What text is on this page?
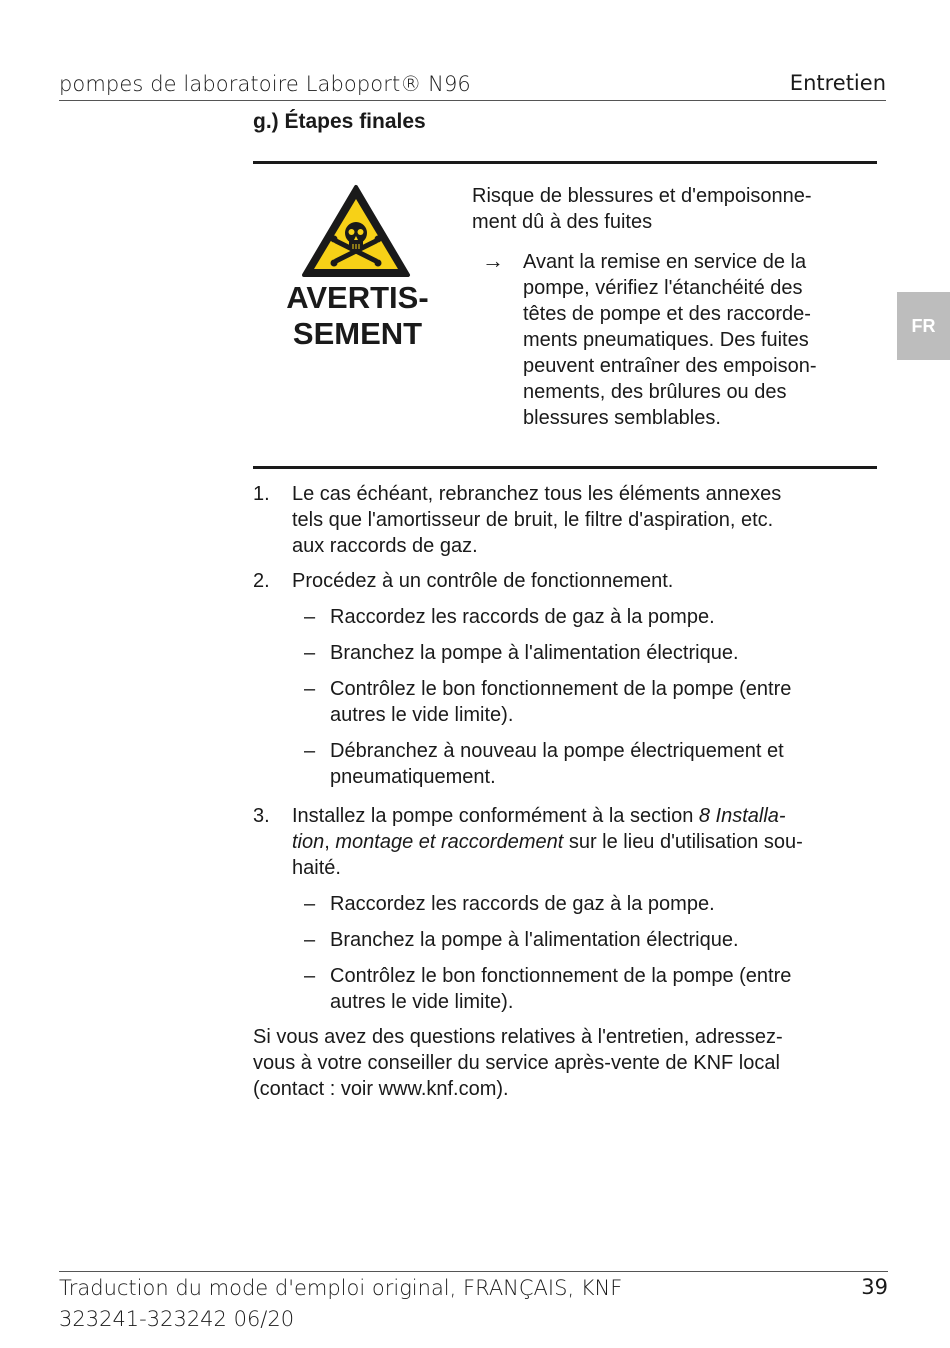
pompes de laboratoire Laboport® N96	Entretien
FR
g.) Étapes finales
AVERTIS-
SEMENT
Risque de blessures et d'empoisonne-
ment dû à des fuites
→ Avant la remise en service de la
pompe, vérifiez l'étanchéité des
têtes de pompe et des raccorde-
ments pneumatiques. Des fuites
peuvent entraîner des empoison-
nements, des brûlures ou des
blessures semblables.
1. Le cas échéant, rebranchez tous les éléments annexes
tels que l'amortisseur de bruit, le filtre d'aspiration, etc.
aux raccords de gaz.
2. Procédez à un contrôle de fonctionnement.
– Raccordez les raccords de gaz à la pompe.
– Branchez la pompe à l'alimentation électrique.
– Contrôlez le bon fonctionnement de la pompe (entre
autres le vide limite).
– Débranchez à nouveau la pompe électriquement et
pneumatiquement.
3. Installez la pompe conformément à la section 8 Installa-
tion, montage et raccordement sur le lieu d'utilisation sou-
haité.
– Raccordez les raccords de gaz à la pompe.
– Branchez la pompe à l'alimentation électrique.
– Contrôlez le bon fonctionnement de la pompe (entre
autres le vide limite).
Si vous avez des questions relatives à l'entretien, adressez-
vous à votre conseiller du service après-vente de KNF local
(contact : voir www.knf.com).
Traduction du mode d'emploi original, FRANÇAIS, KNF
323241-323242 06/20
39
